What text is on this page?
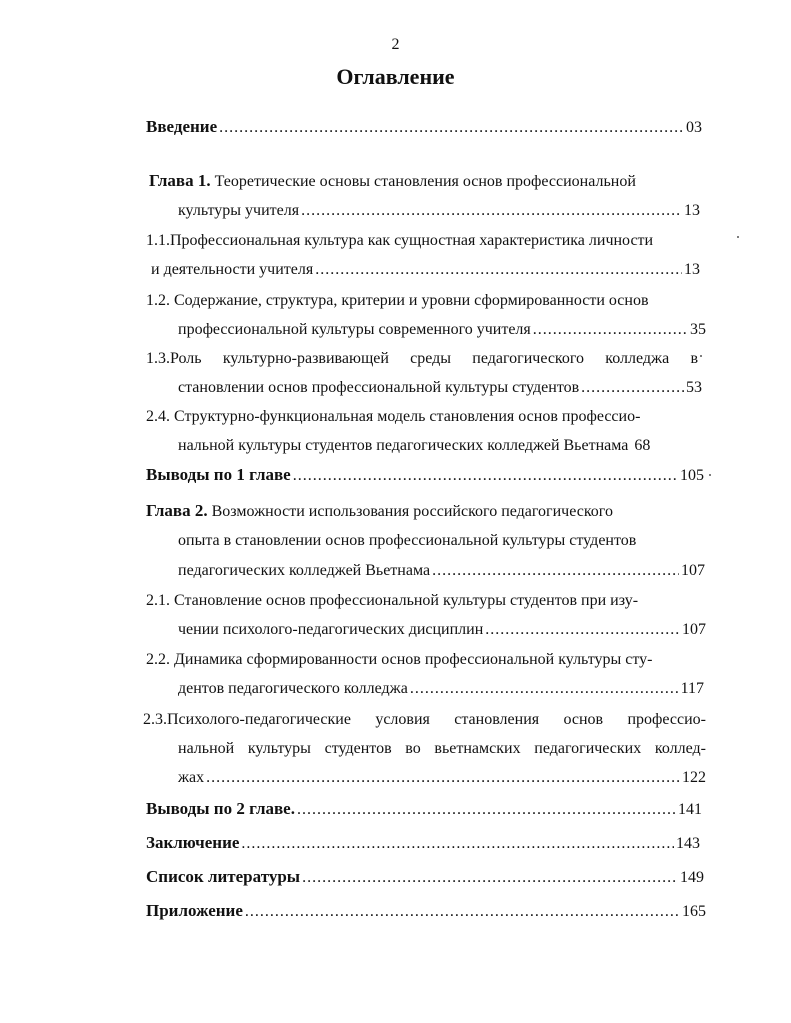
2
Оглавление
Введение .....	03
Глава 1. Теоретические основы становления основ профессиональной
культуры учителя .....	13
1.1.Профессиональная культура как сущностная характеристика личности
и деятельности учителя .....	13
1.2. Содержание, структура, критерии и уровни сформированности основ
профессиональной культуры современного учителя .....	35
1.3.Роль культурно-развивающей среды педагогического колледжа в
становлении основ профессиональной культуры студентов .....	53
2.4. Структурно-функциональная модель становления основ профессио-
нальной культуры студентов педагогических колледжей Вьетнама 68
Выводы по 1 главе .....	105
Глава 2. Возможности использования российского педагогического
опыта в становлении основ профессиональной культуры студентов
педагогических колледжей Вьетнама .....	107
2.1. Становление основ профессиональной культуры студентов при изу-
чении психолого-педагогических дисциплин .....	107
2.2. Динамика сформированности основ профессиональной культуры сту-
дентов педагогического колледжа .....	117
2.3.Психолого-педагогические условия становления основ профессио-
нальной культуры студентов во вьетнамских педагогических коллед-
жах .....	122
Выводы по 2 главе. .....	141
Заключение .....	143
Список литературы .....	149
Приложение .....	165
